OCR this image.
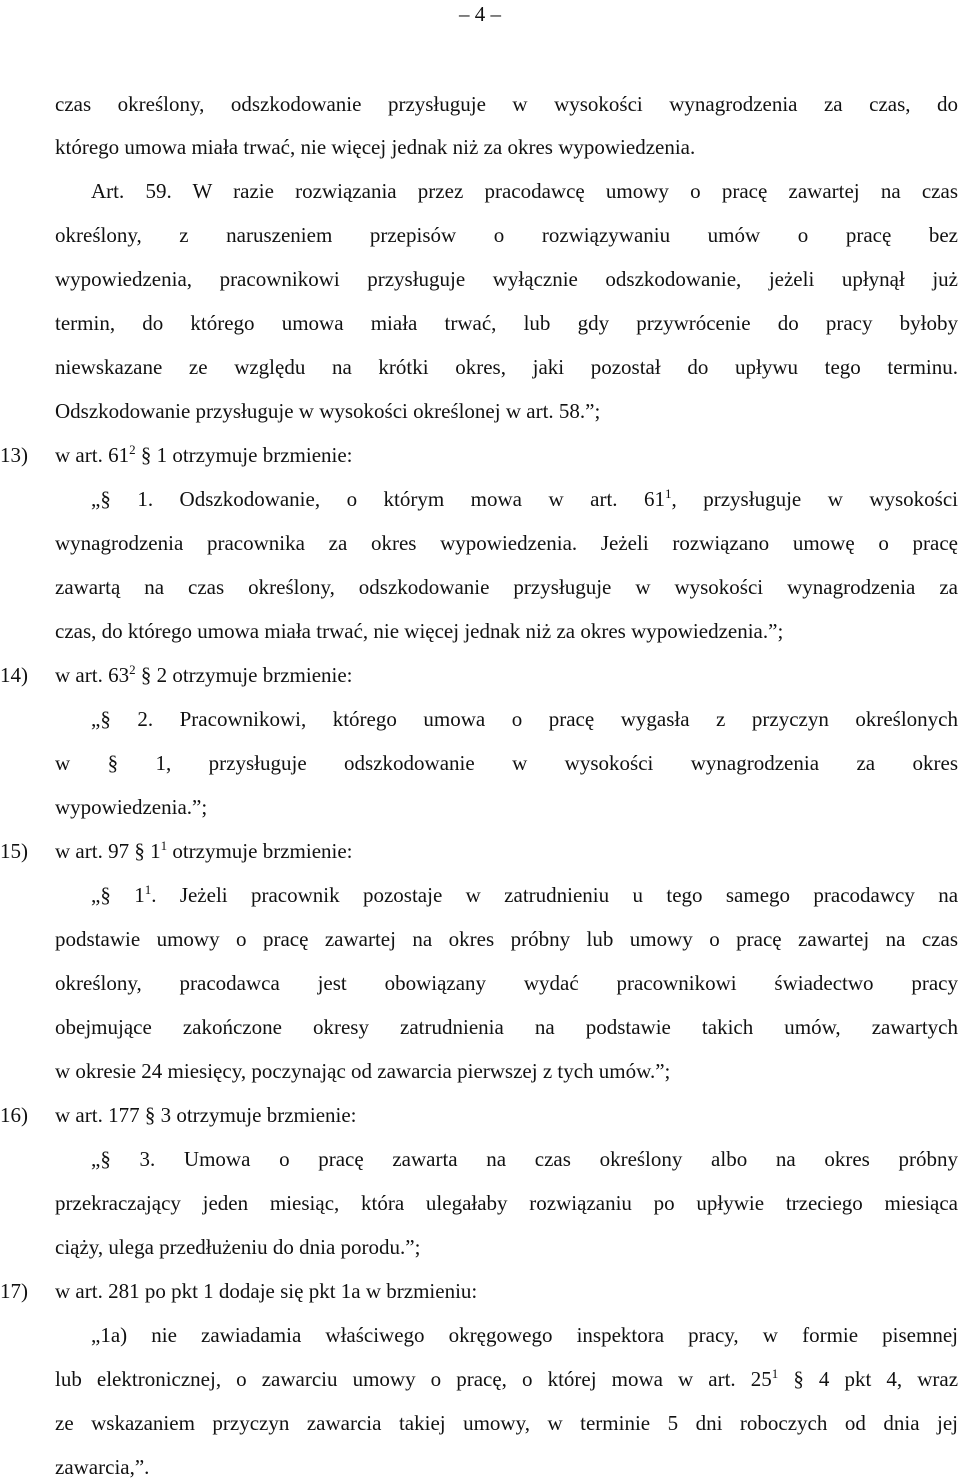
– 4 –
czas określony, odszkodowanie przysługuje w wysokości wynagrodzenia za czas, do
którego umowa miała trwać, nie więcej jednak niż za okres wypowiedzenia.
Art. 59. W razie rozwiązania przez pracodawcę umowy o pracę zawartej na czas
określony, z naruszeniem przepisów o rozwiązywaniu umów o pracę bez
wypowiedzenia, pracownikowi przysługuje wyłącznie odszkodowanie, jeżeli upłynął już
termin, do którego umowa miała trwać, lub gdy przywrócenie do pracy byłoby
niewskazane ze względu na krótki okres, jaki pozostał do upływu tego terminu.
Odszkodowanie przysługuje w wysokości określonej w art. 58.”;
13) w art. $61^2$ § 1 otrzymuje brzmienie:
„§ 1. Odszkodowanie, o którym mowa w art. $61^1$, przysługuje w wysokości
wynagrodzenia pracownika za okres wypowiedzenia. Jeżeli rozwiązano umowę o pracę
zawartą na czas określony, odszkodowanie przysługuje w wysokości wynagrodzenia za
czas, do którego umowa miała trwać, nie więcej jednak niż za okres wypowiedzenia.”;
14) w art. $63^2$ § 2 otrzymuje brzmienie:
„§ 2. Pracownikowi, którego umowa o pracę wygasła z przyczyn określonych
w § 1, przysługuje odszkodowanie w wysokości wynagrodzenia za okres
wypowiedzenia.”;
15) w art. 97 § $1^1$ otrzymuje brzmienie:
„§ $1^1$. Jeżeli pracownik pozostaje w zatrudnieniu u tego samego pracodawcy na
podstawie umowy o pracę zawartej na okres próbny lub umowy o pracę zawartej na czas
określony, pracodawca jest obowiązany wydać pracownikowi świadectwo pracy
obejmujące zakończone okresy zatrudnienia na podstawie takich umów, zawartych
w okresie 24 miesięcy, poczynając od zawarcia pierwszej z tych umów.”;
16) w art. 177 § 3 otrzymuje brzmienie:
„§ 3. Umowa o pracę zawarta na czas określony albo na okres próbny
przekraczający jeden miesiąc, która ulegałaby rozwiązaniu po upływie trzeciego miesiąca
ciąży, ulega przedłużeniu do dnia porodu.”;
17) w art. 281 po pkt 1 dodaje się pkt 1a w brzmieniu:
„1a) nie zawiadamia właściwego okręgowego inspektora pracy, w formie pisemnej
lub elektronicznej, o zawarciu umowy o pracę, o której mowa w art. $25^1$ § 4 pkt 4, wraz
ze wskazaniem przyczyn zawarcia takiej umowy, w terminie 5 dni roboczych od dnia jej
zawarcia,”.
